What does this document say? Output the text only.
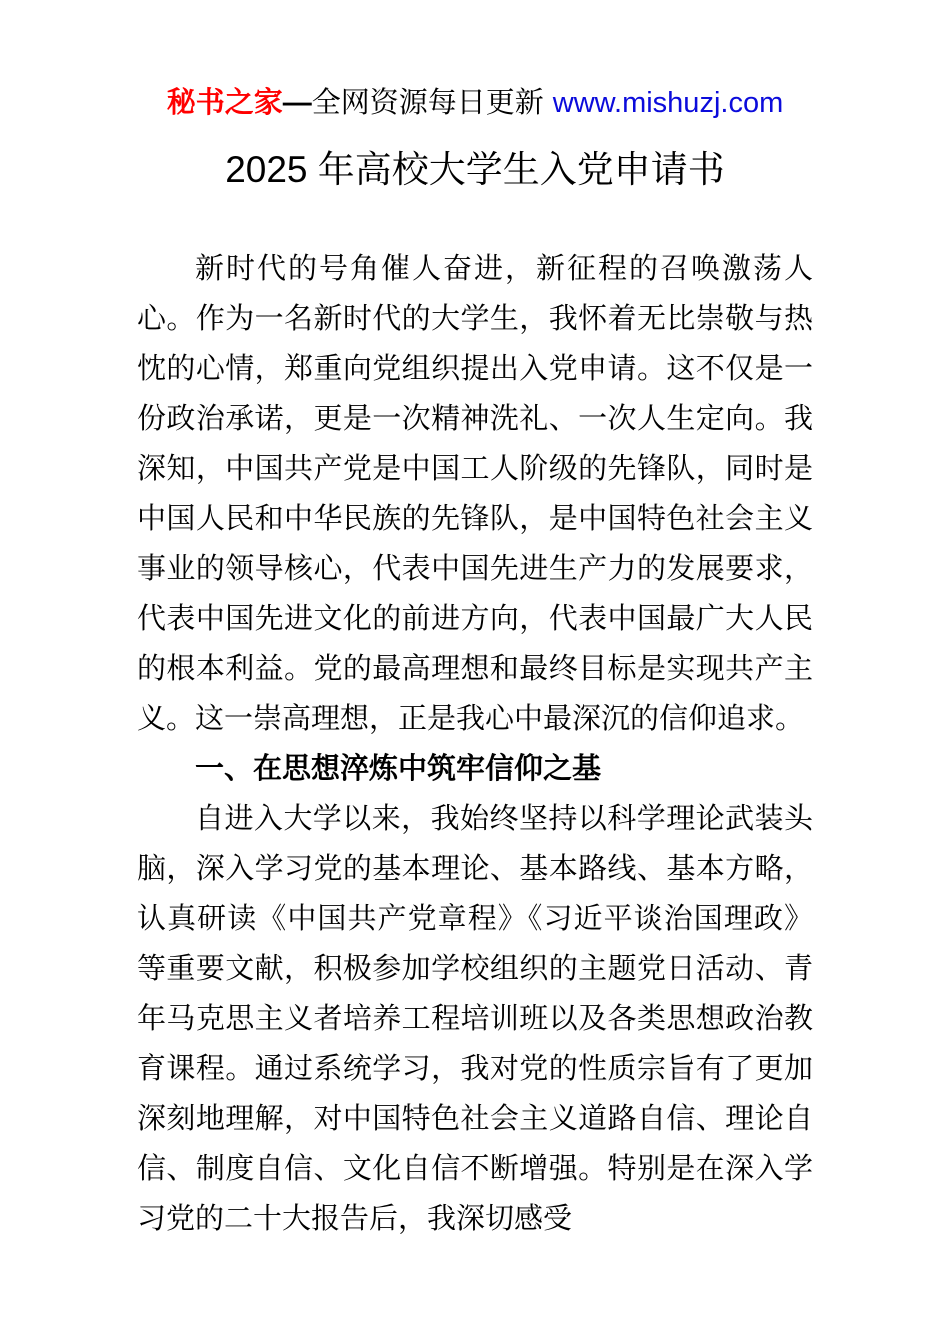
秘书之家—全网资源每日更新 www.mishuzj.com
2025 年高校大学生入党申请书

新时代的号角催人奋进，新征程的召唤激荡人心。作为一名新时代的大学生，我怀着无比崇敬与热忱的心情，郑重向党组织提出入党申请。这不仅是一份政治承诺，更是一次精神洗礼、一次人生定向。我深知，中国共产党是中国工人阶级的先锋队，同时是中国人民和中华民族的先锋队，是中国特色社会主义事业的领导核心，代表中国先进生产力的发展要求，代表中国先进文化的前进方向，代表中国最广大人民的根本利益。党的最高理想和最终目标是实现共产主义。这一崇高理想，正是我心中最深沉的信仰追求。

一、在思想淬炼中筑牢信仰之基

自进入大学以来，我始终坚持以科学理论武装头脑，深入学习党的基本理论、基本路线、基本方略，认真研读《中国共产党章程》《习近平谈治国理政》等重要文献，积极参加学校组织的主题党日活动、青年马克思主义者培养工程培训班以及各类思想政治教育课程。通过系统学习，我对党的性质宗旨有了更加深刻地理解，对中国特色社会主义道路自信、理论自信、制度自信、文化自信不断增强。特别是在深入学习党的二十大报告后，我深切感受
